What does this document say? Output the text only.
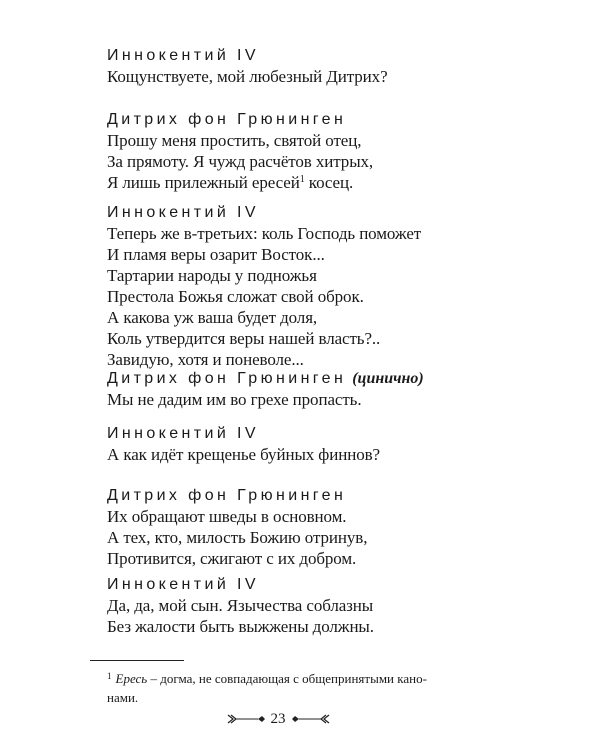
Иннокентий IV
Кощунствуете, мой любезный Дитрих?
Дитрих фон Грюнинген
Прошу меня простить, святой отец,
За прямоту. Я чужд расчётов хитрых,
Я лишь прилежный ересей$^1$ косец.
Иннокентий IV
Теперь же в-третьих: коль Господь поможет
И пламя веры озарит Восток...
Тартарии народы у подножья
Престола Божья сложат свой оброк.
А какова уж ваша будет доля,
Коль утвердится веры нашей власть?..
Завидую, хотя и поневоле...
Дитрих фон Грюнинген (цинично)
Мы не дадим им во грехе пропасть.
Иннокентий IV
А как идёт крещенье буйных финнов?
Дитрих фон Грюнинген
Их обращают шведы в основном.
А тех, кто, милость Божию отринув,
Противится, сжигают с их добром.
Иннокентий IV
Да, да, мой сын. Язычества соблазны
Без жалости быть выжжены должны.
$^1$ Ересь – догма, не совпадающая с общепринятыми кано-
нами.
23
